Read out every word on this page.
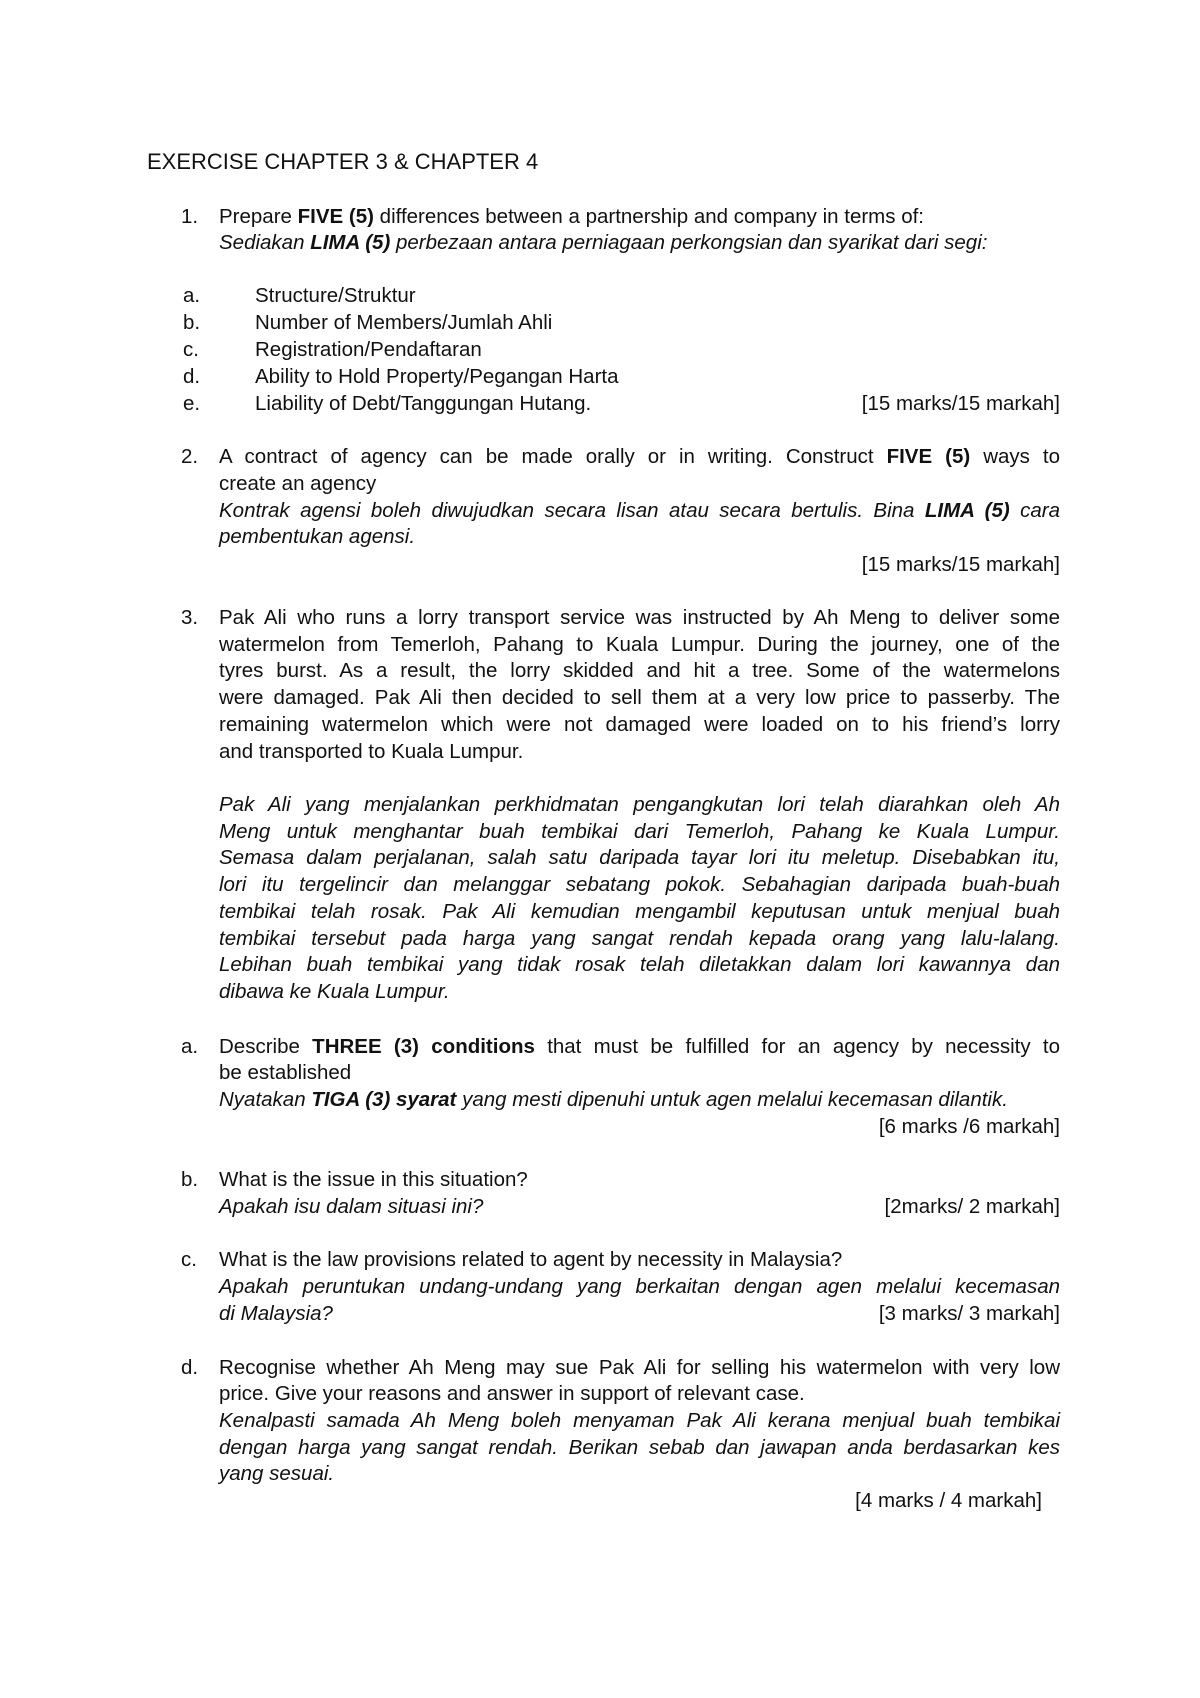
EXERCISE CHAPTER 3 & CHAPTER 4
1. Prepare FIVE (5) differences between a partnership and company in terms of:
Sediakan LIMA (5) perbezaan antara perniagaan perkongsian dan syarikat dari segi:
a.	Structure/Struktur
b.	Number of Members/Jumlah Ahli
c.	Registration/Pendaftaran
d.	Ability to Hold Property/Pegangan Harta
e.	Liability of Debt/Tanggungan Hutang.	[15 marks/15 markah]
2. A contract of agency can be made orally or in writing. Construct FIVE (5) ways to
create an agency
Kontrak agensi boleh diwujudkan secara lisan atau secara bertulis. Bina LIMA (5) cara
pembentukan agensi.
[15 marks/15 markah]
3. Pak Ali who runs a lorry transport service was instructed by Ah Meng to deliver some
watermelon from Temerloh, Pahang to Kuala Lumpur. During the journey, one of the
tyres burst. As a result, the lorry skidded and hit a tree. Some of the watermelons
were damaged. Pak Ali then decided to sell them at a very low price to passerby. The
remaining watermelon which were not damaged were loaded on to his friend’s lorry
and transported to Kuala Lumpur.
Pak Ali yang menjalankan perkhidmatan pengangkutan lori telah diarahkan oleh Ah
Meng untuk menghantar buah tembikai dari Temerloh, Pahang ke Kuala Lumpur.
Semasa dalam perjalanan, salah satu daripada tayar lori itu meletup. Disebabkan itu,
lori itu tergelincir dan melanggar sebatang pokok. Sebahagian daripada buah-buah
tembikai telah rosak. Pak Ali kemudian mengambil keputusan untuk menjual buah
tembikai tersebut pada harga yang sangat rendah kepada orang yang lalu-lalang.
Lebihan buah tembikai yang tidak rosak telah diletakkan dalam lori kawannya dan
dibawa ke Kuala Lumpur.
a. Describe THREE (3) conditions that must be fulfilled for an agency by necessity to
be established
Nyatakan TIGA (3) syarat yang mesti dipenuhi untuk agen melalui kecemasan dilantik.
[6 marks /6 markah]
b. What is the issue in this situation?
Apakah isu dalam situasi ini?	[2marks/ 2 markah]
c. What is the law provisions related to agent by necessity in Malaysia?
Apakah peruntukan undang-undang yang berkaitan dengan agen melalui kecemasan
di Malaysia?	[3 marks/ 3 markah]
d. Recognise whether Ah Meng may sue Pak Ali for selling his watermelon with very low
price. Give your reasons and answer in support of relevant case.
Kenalpasti samada Ah Meng boleh menyaman Pak Ali kerana menjual buah tembikai
dengan harga yang sangat rendah. Berikan sebab dan jawapan anda berdasarkan kes
yang sesuai.
[4 marks / 4 markah]
